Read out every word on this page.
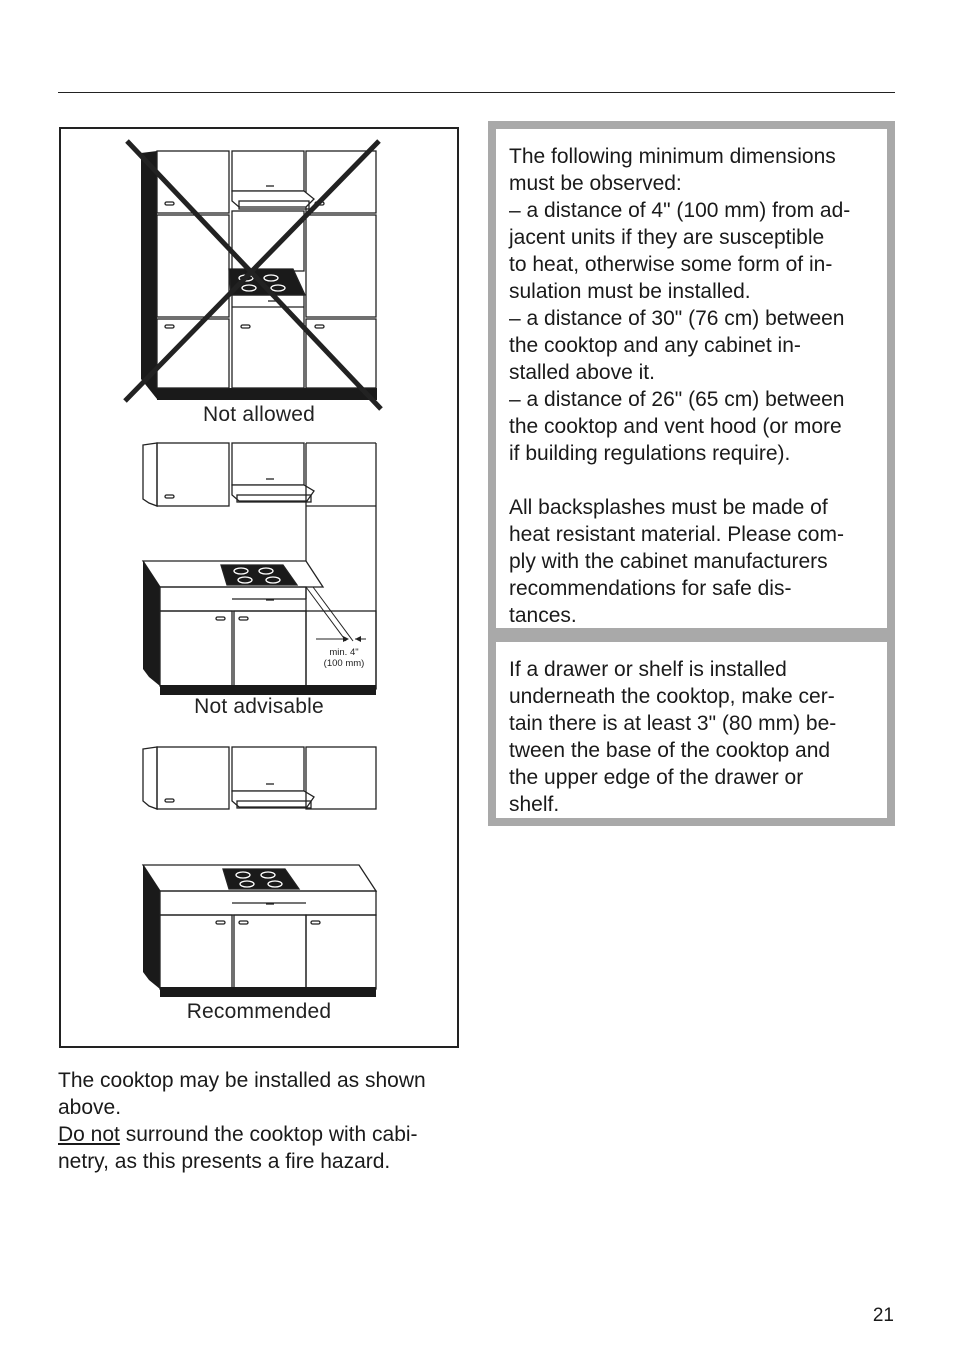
min. 4"
(100 mm)
Not allowed
Not advisable
Recommended

The cooktop may be installed as shown above.

Do not surround the cooktop with cabi-netry, as this presents a fire hazard.

The following minimum dimensions

must be observed:

– a distance of 4" (100 mm) from ad-

jacent units if they are susceptible

to heat, otherwise some form of in-

sulation must be installed.

– a distance of 30" (76 cm) between

the cooktop and any cabinet in-

stalled above it.

– a distance of 26" (65 cm) between

the cooktop and vent hood (or more

if building regulations require).

All backsplashes must be made of

heat resistant material. Please com-

ply with the cabinet manufacturers

recommendations for safe dis-

tances.

If a drawer or shelf is installed

underneath the cooktop, make cer-

tain there is at least 3" (80 mm) be-

tween the base of the cooktop and

the upper edge of the drawer or

shelf.

21
